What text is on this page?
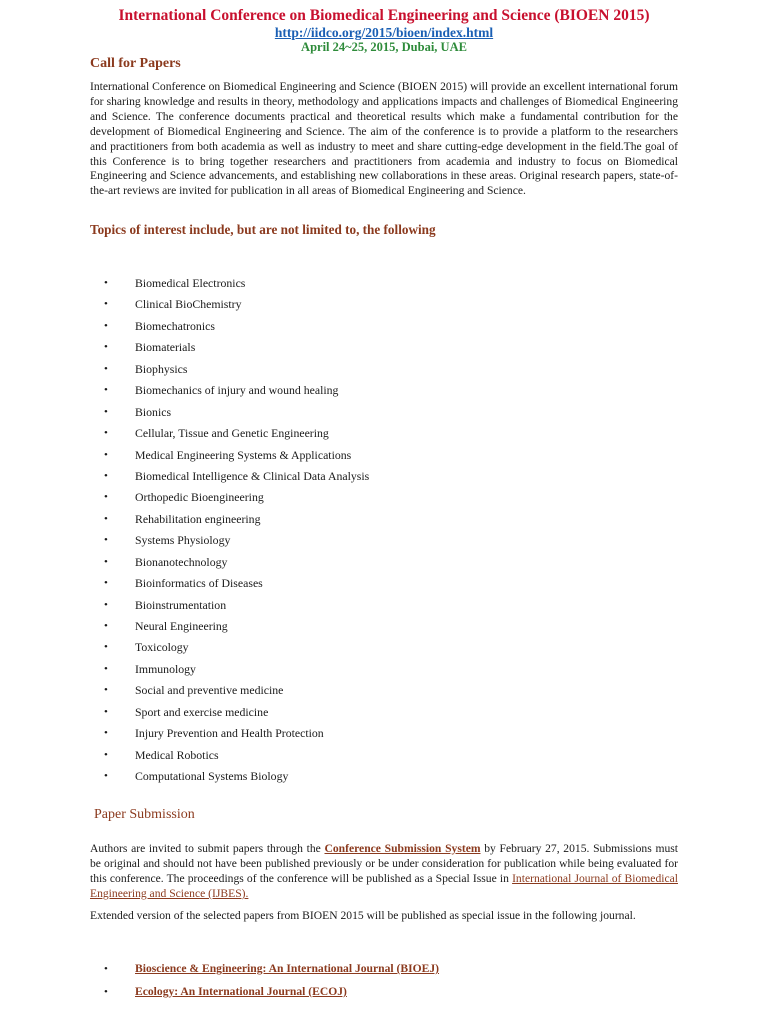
International Conference on Biomedical Engineering and Science (BIOEN 2015)
http://iidco.org/2015/bioen/index.html
April 24~25, 2015, Dubai, UAE
Call for Papers
International Conference on Biomedical Engineering and Science (BIOEN 2015) will provide an excellent international forum for sharing knowledge and results in theory, methodology and applications impacts and challenges of Biomedical Engineering and Science. The conference documents practical and theoretical results which make a fundamental contribution for the development of Biomedical Engineering and Science. The aim of the conference is to provide a platform to the researchers and practitioners from both academia as well as industry to meet and share cutting-edge development in the field.The goal of this Conference is to bring together researchers and practitioners from academia and industry to focus on Biomedical Engineering and Science advancements, and establishing new collaborations in these areas. Original research papers, state-of-the-art reviews are invited for publication in all areas of Biomedical Engineering and Science.
Topics of interest include, but are not limited to, the following
• Biomedical Electronics
• Clinical BioChemistry
• Biomechatronics
• Biomaterials
• Biophysics
• Biomechanics of injury and wound healing
• Bionics
• Cellular, Tissue and Genetic Engineering
• Medical Engineering Systems & Applications
• Biomedical Intelligence & Clinical Data Analysis
• Orthopedic Bioengineering
• Rehabilitation engineering
• Systems Physiology
• Bionanotechnology
• Bioinformatics of Diseases
• Bioinstrumentation
• Neural Engineering
• Toxicology
• Immunology
• Social and preventive medicine
• Sport and exercise medicine
• Injury Prevention and Health Protection
• Medical Robotics
• Computational Systems Biology
Paper Submission
Authors are invited to submit papers through the Conference Submission System by February 27, 2015. Submissions must be original and should not have been published previously or be under consideration for publication while being evaluated for this conference. The proceedings of the conference will be published as a Special Issue in International Journal of Biomedical Engineering and Science (IJBES).
Extended version of the selected papers from BIOEN 2015 will be published as special issue in the following journal.
• Bioscience & Engineering: An International Journal (BIOEJ)
• Ecology: An International Journal (ECOJ)
